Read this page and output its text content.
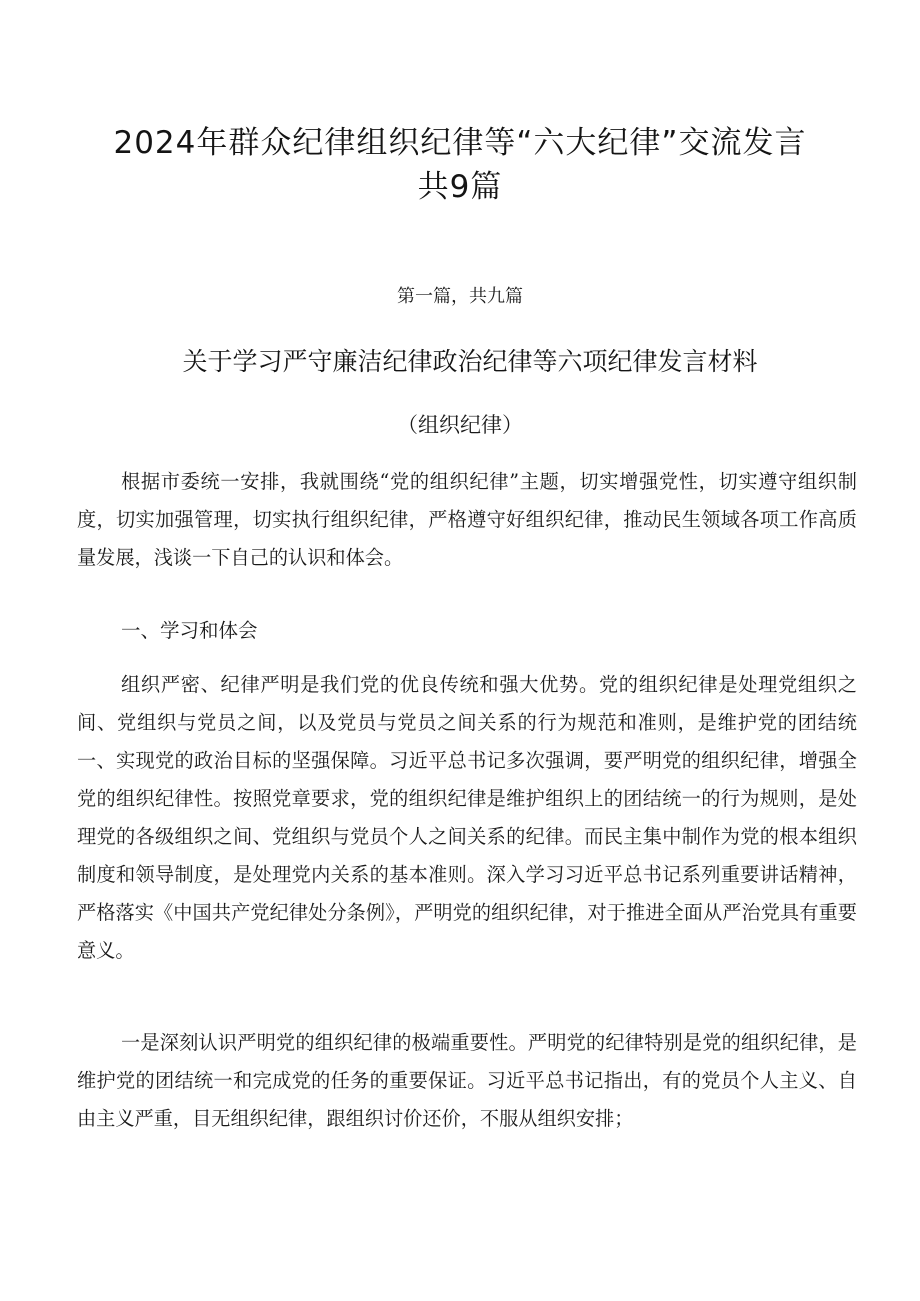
2024年群众纪律组织纪律等“六大纪律”交流发言
共9篇
第一篇，共九篇
关于学习严守廉洁纪律政治纪律等六项纪律发言材料
（组织纪律）

根据市委统一安排，我就围绕“党的组织纪律”主题，切实增强党性，切实遵守组织制度，切实加强管理，切实执行组织纪律，严格遵守好组织纪律，推动民生领域各项工作高质量发展，浅谈一下自己的认识和体会。

一、学习和体会

组织严密、纪律严明是我们党的优良传统和强大优势。党的组织纪律是处理党组织之间、党组织与党员之间，以及党员与党员之间关系的行为规范和准则，是维护党的团结统一、实现党的政治目标的坚强保障。习近平总书记多次强调，要严明党的组织纪律，增强全党的组织纪律性。按照党章要求，党的组织纪律是维护组织上的团结统一的行为规则，是处理党的各级组织之间、党组织与党员个人之间关系的纪律。而民主集中制作为党的根本组织制度和领导制度，是处理党内关系的基本准则。深入学习习近平总书记系列重要讲话精神，严格落实《中国共产党纪律处分条例》，严明党的组织纪律，对于推进全面从严治党具有重要意义。

一是深刻认识严明党的组织纪律的极端重要性。严明党的纪律特别是党的组织纪律，是维护党的团结统一和完成党的任务的重要保证。习近平总书记指出，有的党员个人主义、自由主义严重，目无组织纪律，跟组织讨价还价，不服从组织安排；
